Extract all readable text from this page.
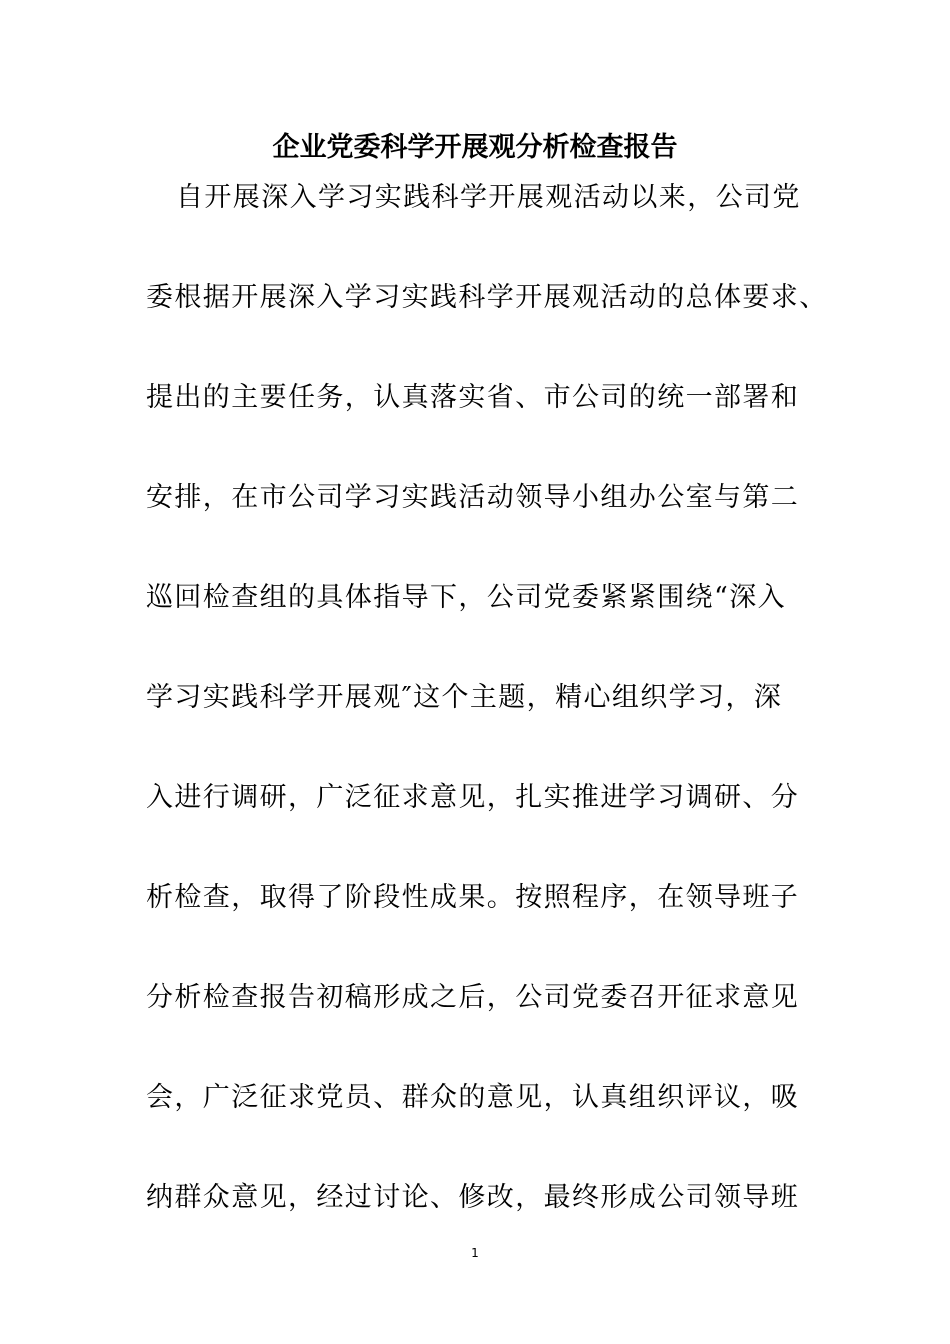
企业党委科学开展观分析检查报告
自开展深入学习实践科学开展观活动以来，公司党
委根据开展深入学习实践科学开展观活动的总体要求、
提出的主要任务，认真落实省、市公司的统一部署和
安排，在市公司学习实践活动领导小组办公室与第二
巡回检查组的具体指导下，公司党委紧紧围绕“深入
学习实践科学开展观″这个主题，精心组织学习，深
入进行调研，广泛征求意见，扎实推进学习调研、分
析检查，取得了阶段性成果。按照程序，在领导班子
分析检查报告初稿形成之后，公司党委召开征求意见
会，广泛征求党员、群众的意见，认真组织评议，吸
纳群众意见，经过讨论、修改，最终形成公司领导班
1
